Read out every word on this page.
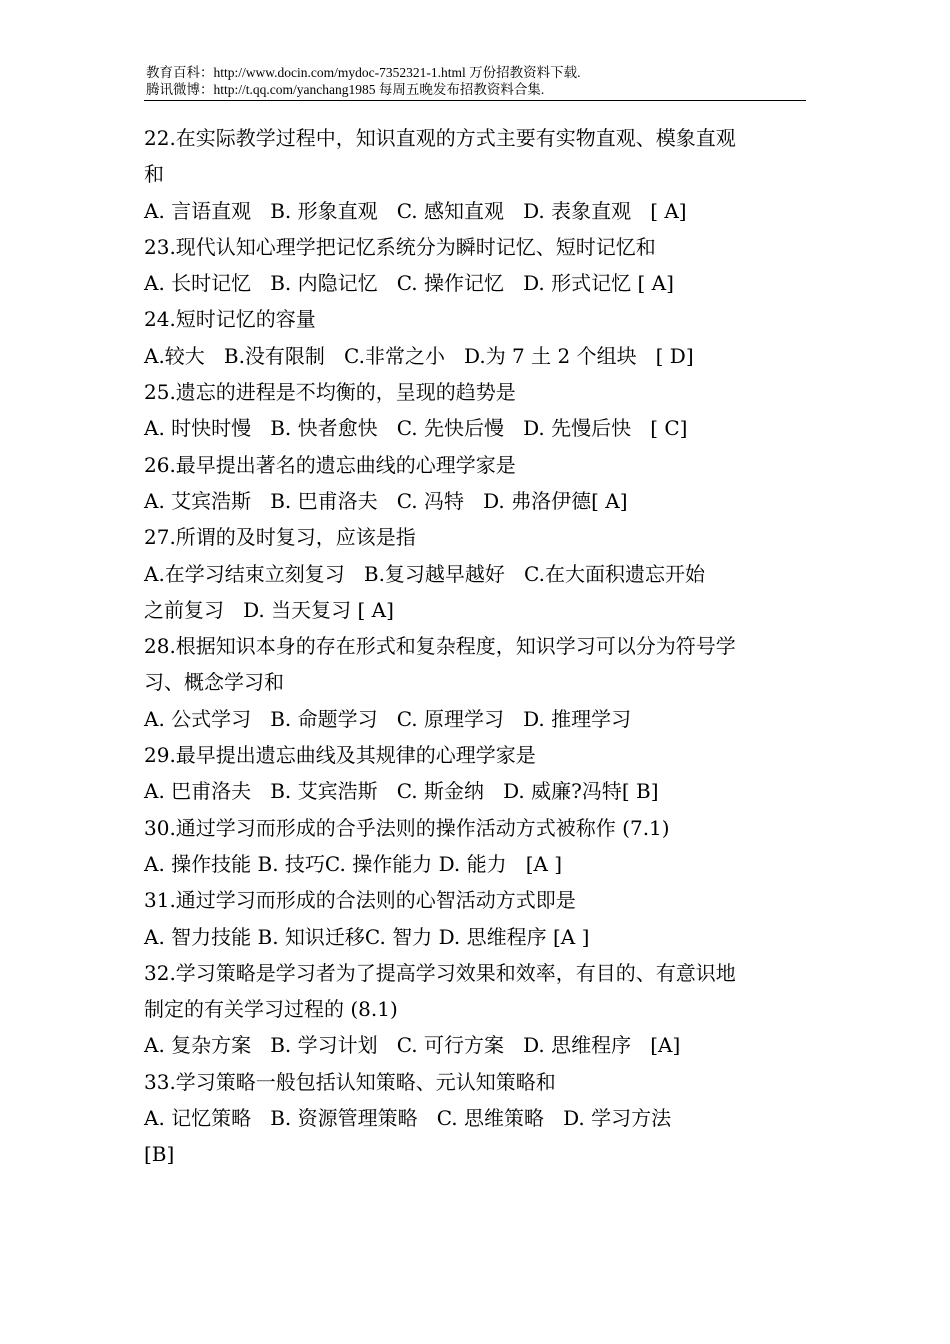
教育百科：http://www.docin.com/mydoc-7352321-1.html 万份招教资料下载.
腾讯微博：http://t.qq.com/yanchang1985 每周五晚发布招教资料合集.
22.在实际教学过程中，知识直观的方式主要有实物直观、模象直观
和
A. 言语直观   B. 形象直观   C. 感知直观   D. 表象直观   [ A]
23.现代认知心理学把记忆系统分为瞬时记忆、短时记忆和
A. 长时记忆   B. 内隐记忆   C. 操作记忆   D. 形式记忆 [ A]
24.短时记忆的容量
A.较大   B.没有限制   C.非常之小   D.为 7 土 2 个组块   [ D]
25.遗忘的进程是不均衡的，呈现的趋势是
A. 时快时慢   B. 快者愈快   C. 先快后慢   D. 先慢后快   [ C]
26.最早提出著名的遗忘曲线的心理学家是
A. 艾宾浩斯   B. 巴甫洛夫   C. 冯特   D. 弗洛伊德[ A]
27.所谓的及时复习，应该是指
A.在学习结束立刻复习   B.复习越早越好   C.在大面积遗忘开始
之前复习   D. 当天复习 [ A]
28.根据知识本身的存在形式和复杂程度，知识学习可以分为符号学
习、概念学习和
A. 公式学习   B. 命题学习   C. 原理学习   D. 推理学习
29.最早提出遗忘曲线及其规律的心理学家是
A. 巴甫洛夫   B. 艾宾浩斯   C. 斯金纳   D. 威廉?冯特[ B]
30.通过学习而形成的合乎法则的操作活动方式被称作 (7.1)
A. 操作技能 B. 技巧C. 操作能力 D. 能力   [A ]
31.通过学习而形成的合法则的心智活动方式即是
A. 智力技能 B. 知识迁移C. 智力 D. 思维程序 [A ]
32.学习策略是学习者为了提高学习效果和效率，有目的、有意识地
制定的有关学习过程的 (8.1)
A. 复杂方案   B. 学习计划   C. 可行方案   D. 思维程序   [A]
33.学习策略一般包括认知策略、元认知策略和
A. 记忆策略   B. 资源管理策略   C. 思维策略   D. 学习方法
[B]
